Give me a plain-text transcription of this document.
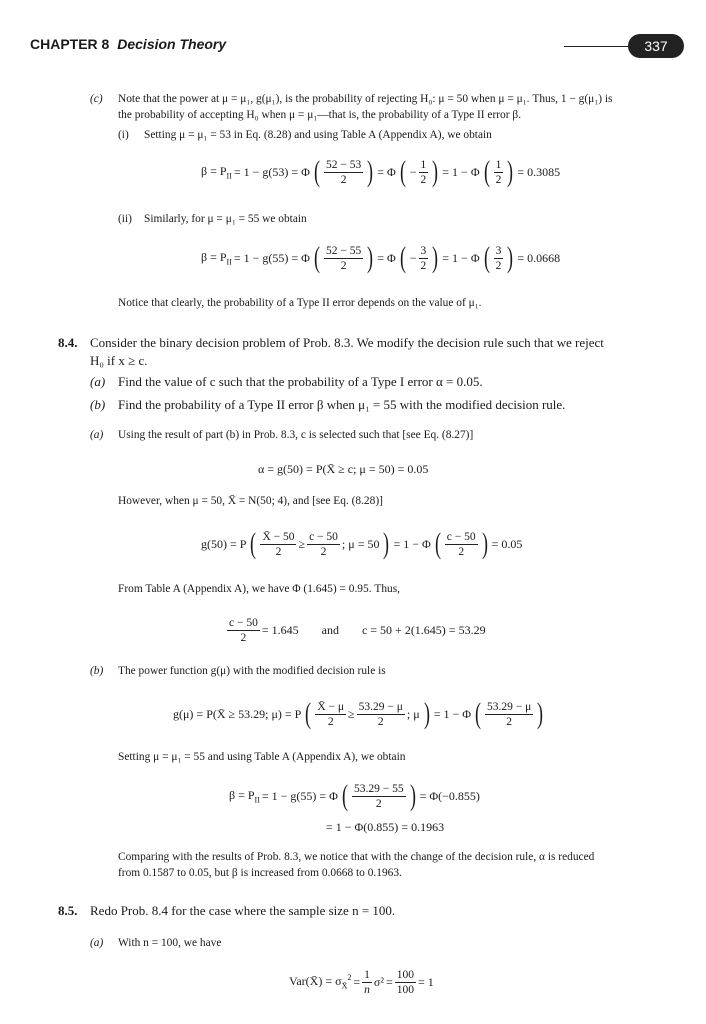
CHAPTER 8 Decision Theory	337
(c) Note that the power at μ = μ₁, g(μ₁), is the probability of rejecting H₀: μ = 50 when μ = μ₁. Thus, 1 − g(μ₁) is
the probability of accepting H₀ when μ = μ₁—that is, the probability of a Type II error β.
(i) Setting μ = μ₁ = 53 in Eq. (8.28) and using Table A (Appendix A), we obtain
$\beta = P_{II} = 1 - g(53) = \Phi$ ( $\frac{52 - 53}{2}$ ) = Φ ( − $\frac{1}{2}$ ) = 1 − Φ ( $\frac{1}{2}$ ) = 0.3085
(ii) Similarly, for μ = μ₁ = 55 we obtain
$\beta = P_{II} = 1 - g(55) = \Phi$ ( $\frac{52 - 55}{2}$ ) = Φ ( − $\frac{3}{2}$ ) = 1 − Φ ( $\frac{3}{2}$ ) = 0.0668
Notice that clearly, the probability of a Type II error depends on the value of μ₁.
8.4. Consider the binary decision problem of Prob. 8.3. We modify the decision rule such that we reject
H₀ if x ≥ c.
(a) Find the value of c such that the probability of a Type I error α = 0.05.
(b) Find the probability of a Type II error β when μ₁ = 55 with the modified decision rule.
(a) Using the result of part (b) in Prob. 8.3, c is selected such that [see Eq. (8.27)]
α = g(50) = P(X̄ ≥ c; μ = 50) = 0.05
However, when μ = 50, X̄ = N(50; 4), and [see Eq. (8.28)]
g(50) = P ( $\frac{X̄ - 50}{2} \ge \frac{c - 50}{2}$ ; μ = 50 ) = 1 − Φ ( $\frac{c - 50}{2}$ ) = 0.05
From Table A (Appendix A), we have Φ (1.645) = 0.95. Thus,
$\frac{c - 50}{2} = 1.645$ and c = 50 + 2(1.645) = 53.29
(b) The power function g(μ) with the modified decision rule is
g(μ) = P(X̄ ≥ 53.29; μ) = P ( $\frac{X̄ - \mu}{2} \ge \frac{53.29 - \mu}{2}$ ; μ ) = 1 − Φ ( $\frac{53.29 - \mu}{2}$ )
Setting μ = μ₁ = 55 and using Table A (Appendix A), we obtain
$\beta = P_{II} = 1 - g(55) = \Phi$ ( $\frac{53.29 - 55}{2}$ ) = Φ(−0.855)
= 1 − Φ(0.855) = 0.1963
Comparing with the results of Prob. 8.3, we notice that with the change of the decision rule, α is reduced
from 0.1587 to 0.05, but β is increased from 0.0668 to 0.1963.
8.5. Redo Prob. 8.4 for the case where the sample size n = 100.
(a) With n = 100, we have
Var(X̄) = $\sigma_{X̄}^2 = \frac{1}{n} \sigma^2 = \frac{100}{100} = 1$
